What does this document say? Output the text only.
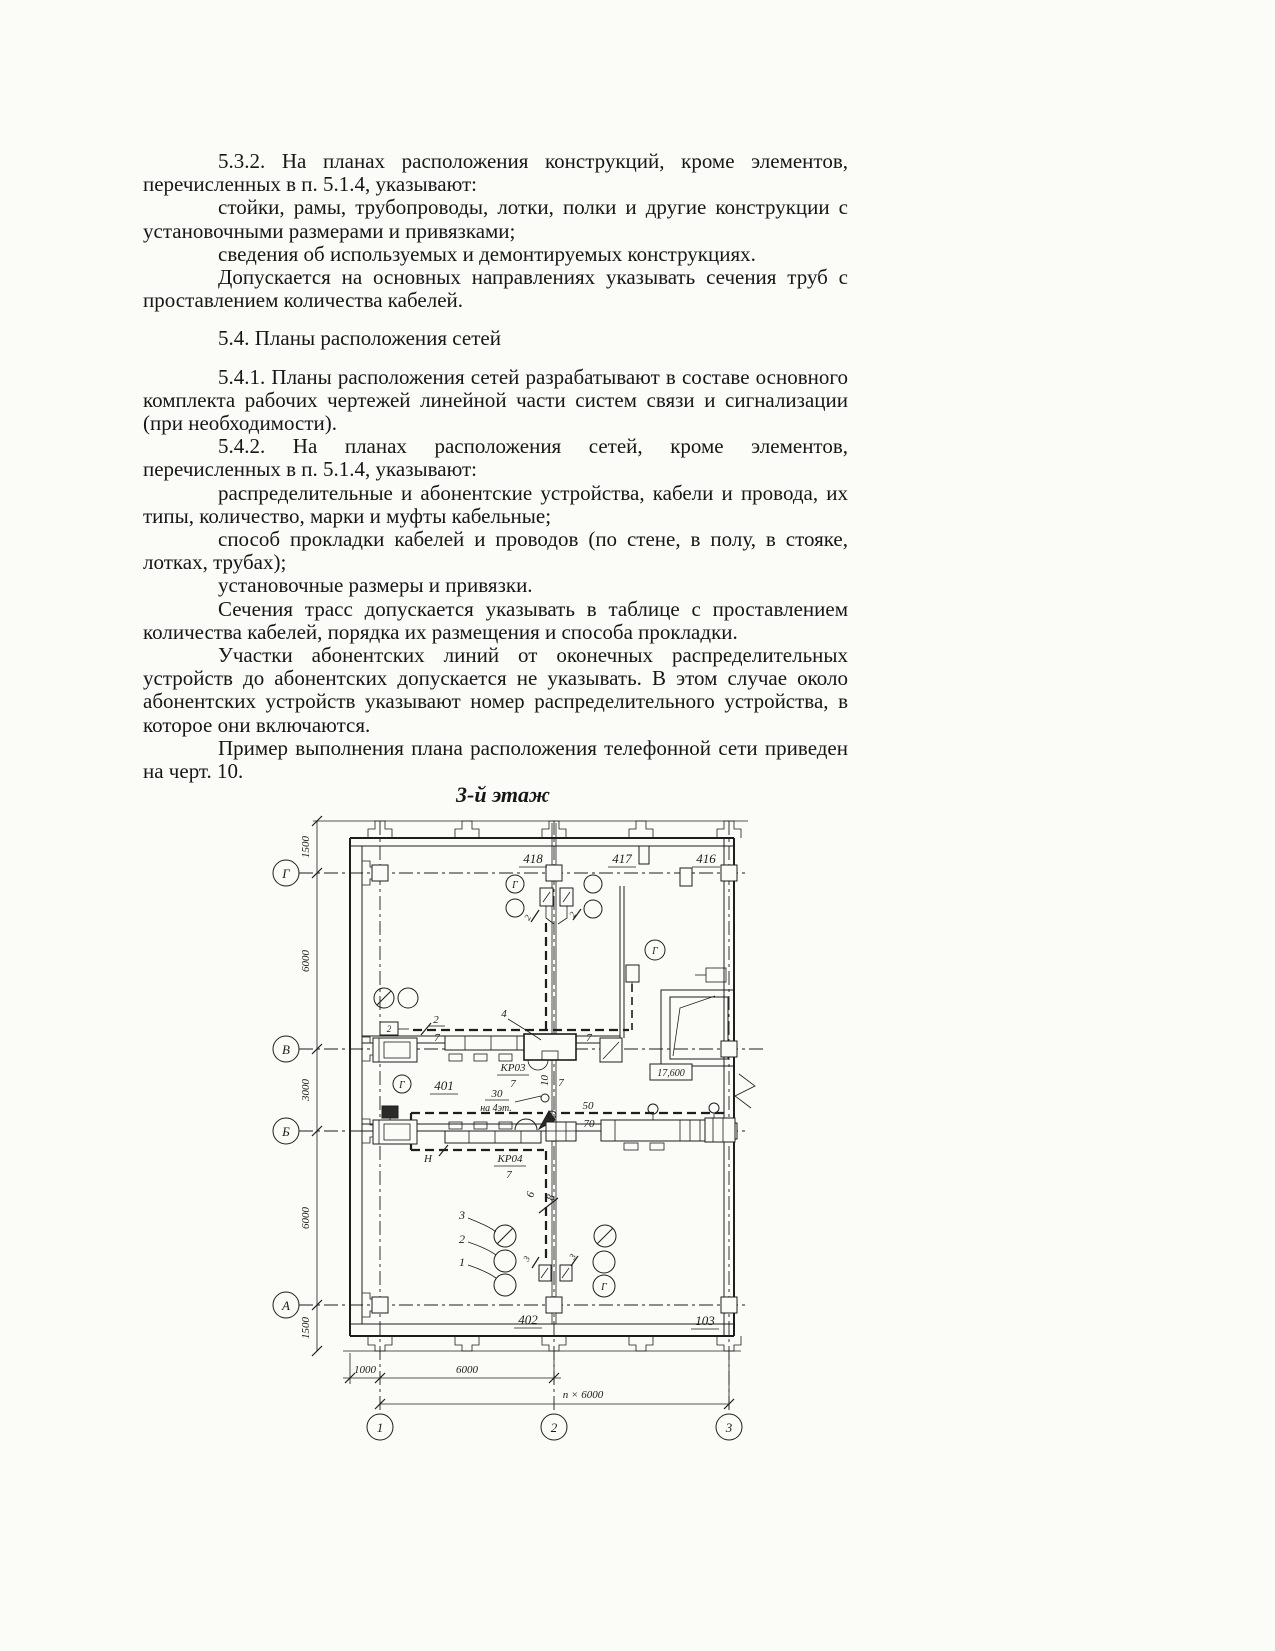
5.3.2. На планах расположения конструкций, кроме элементов, перечисленных в п. 5.1.4, указывают:

стойки, рамы, трубопроводы, лотки, полки и другие конструкции с установочными размерами и привязками;

сведения об используемых и демонтируемых конструкциях.

Допускается на основных направлениях указывать сечения труб с проставлением количества кабелей.

5.4. Планы расположения сетей

5.4.1. Планы расположения сетей разрабатывают в составе основного комплекта рабочих чертежей линейной части систем связи и сигнализации (при необходимости).

5.4.2. На планах расположения сетей, кроме элементов, перечисленных в п. 5.1.4, указывают:

распределительные и абонентские устройства, кабели и провода, их типы, количество, марки и муфты кабельные;

способ прокладки кабелей и проводов (по стене, в полу, в стояке, лотках, трубах);

установочные размеры и привязки.

Сечения трасс допускается указывать в таблице с проставлением количества кабелей, порядка их размещения и способа прокладки.

Участки абонентских линий от оконечных распределительных устройств до абонентских допускается не указывать. В этом случае около абонентских устройств указывают номер распределительного устройства, в которое они включаются.

Пример выполнения плана расположения телефонной сети приведен на черт. 10.

3-й этаж
Г
В
Б
А
1	2	3
1500
6000
3000
6000
1500
1000	6000
п × 6000
2
Г
Г
Г
Г
418	417	416
401
402	103
КР03
7
КР04
7
2
7
4
30
на 4эт.	50
70
10 7
7
6 8
Н
17,600
3
2
1
2	2
3	3
